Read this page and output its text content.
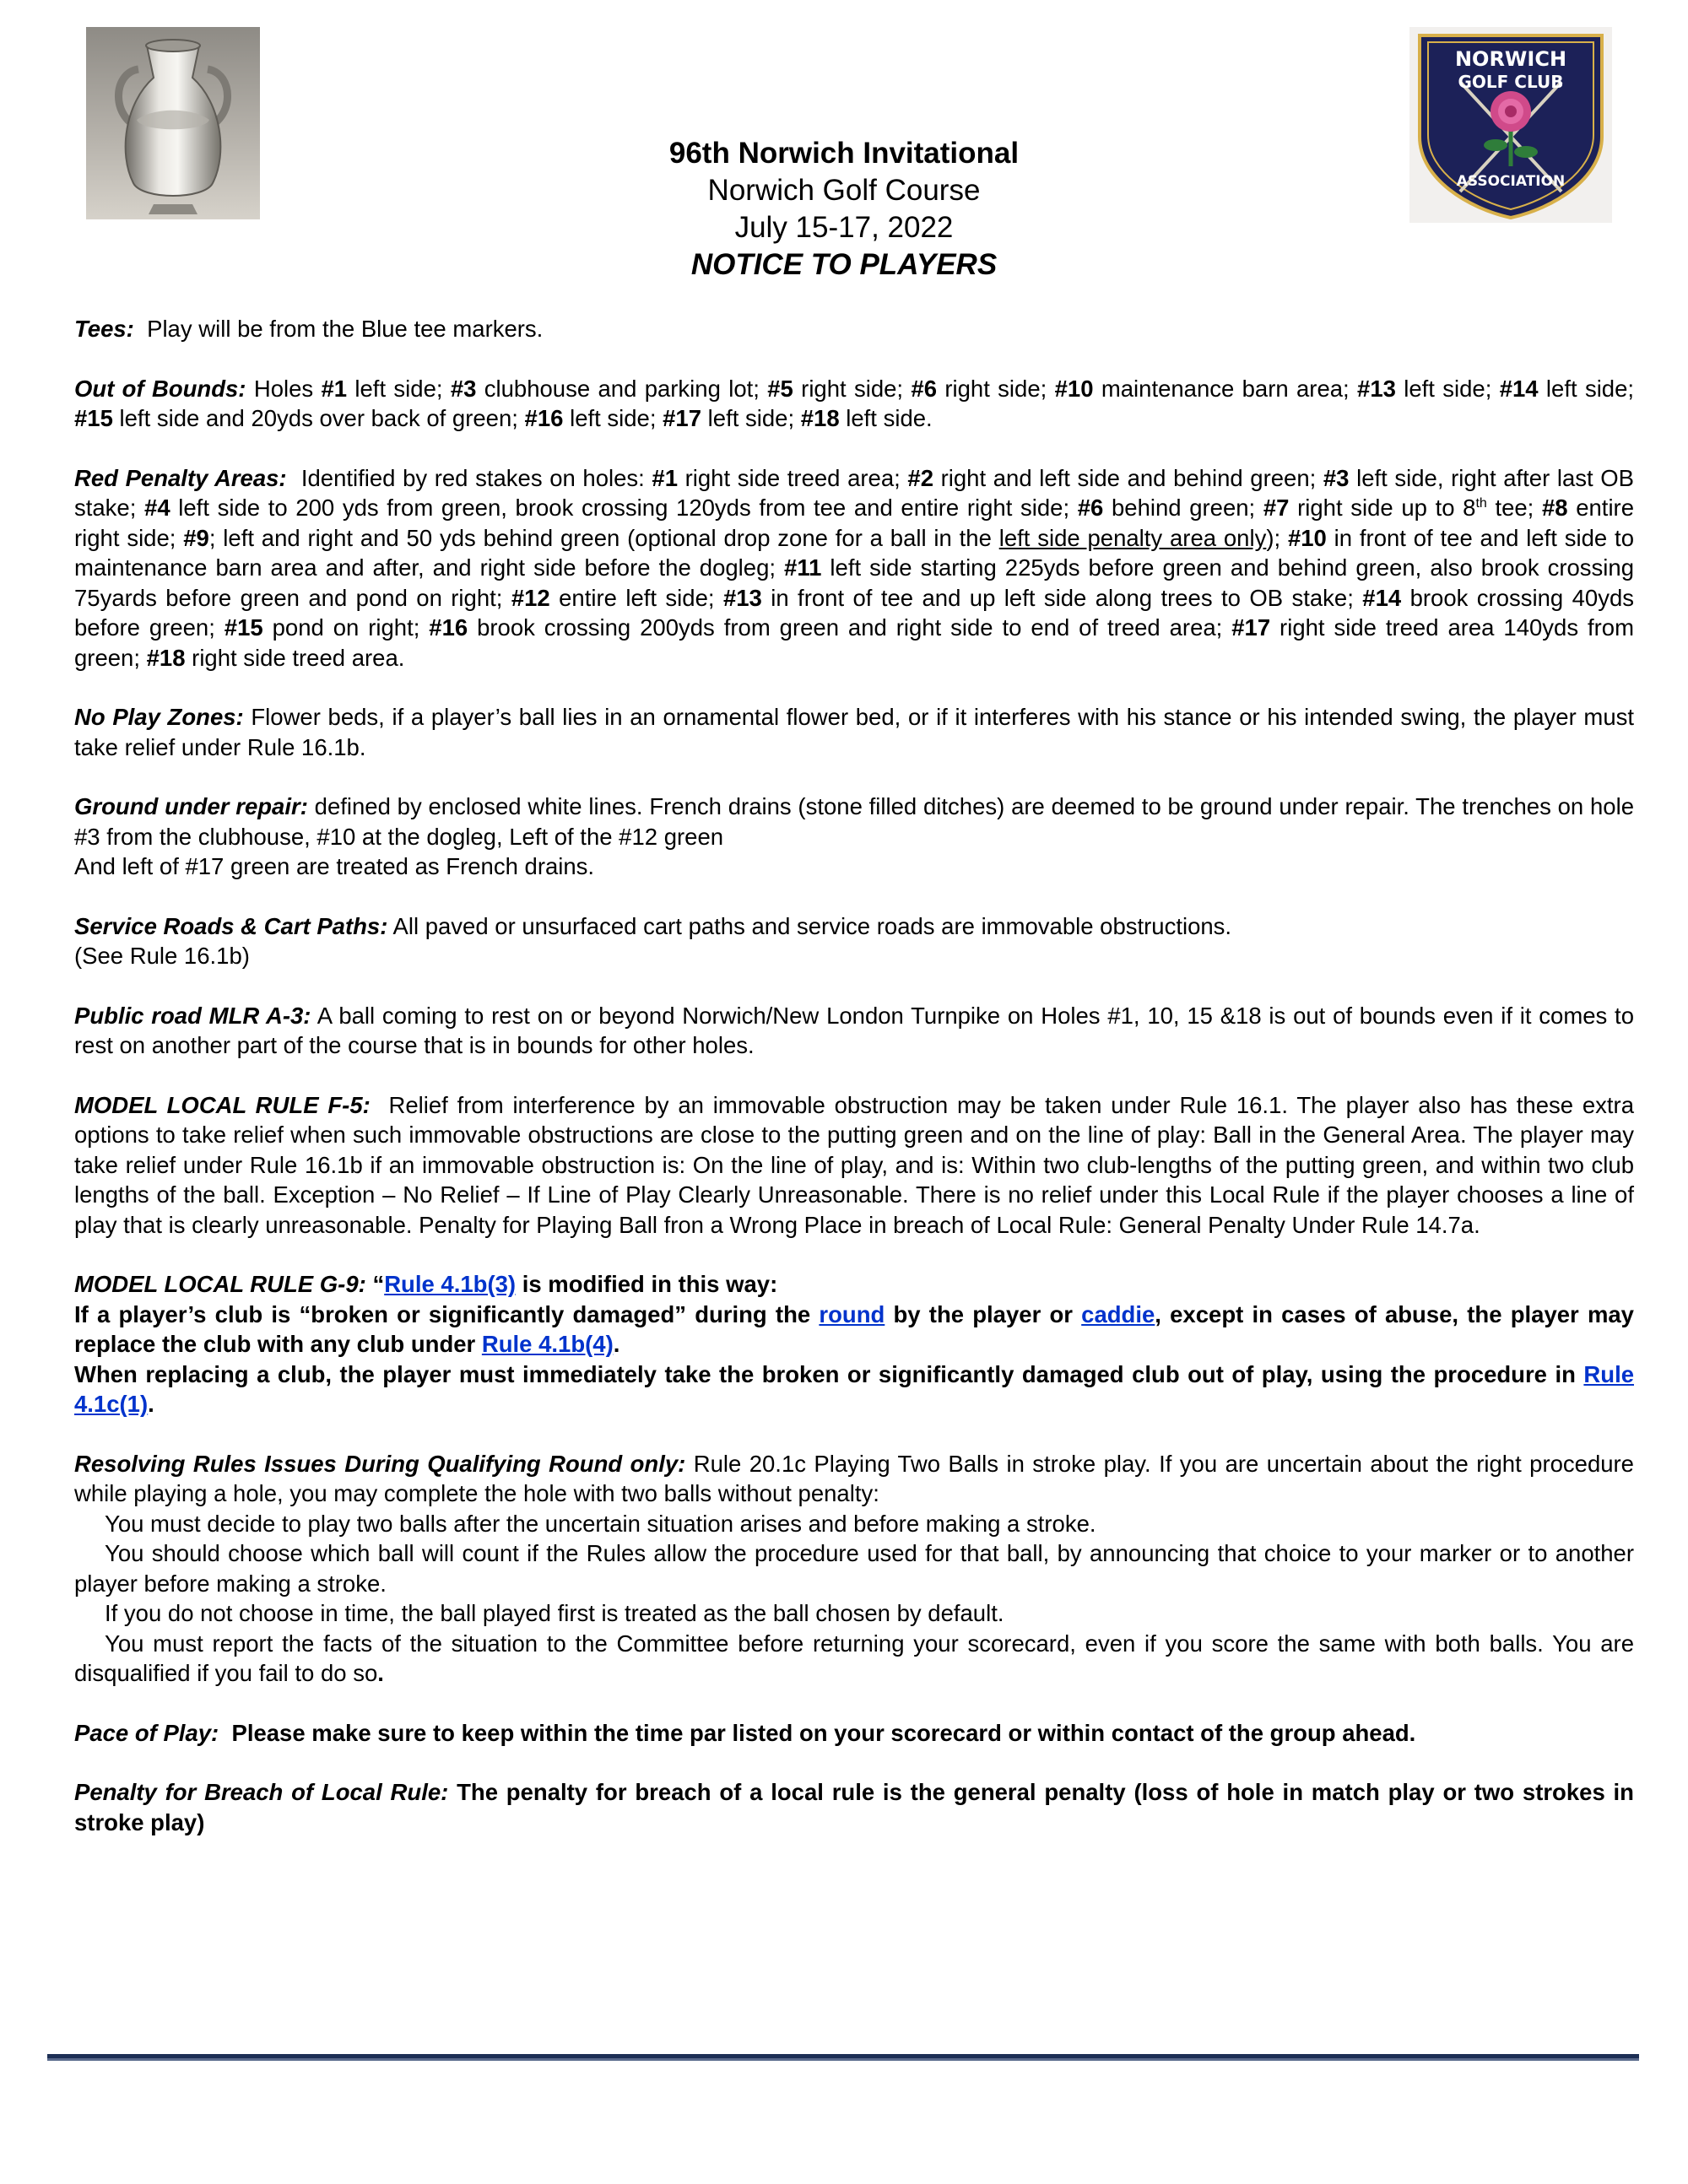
NORWICH
GOLF CLUB
ASSOCIATION
96th Norwich Invitational
Norwich Golf Course
July 15-17, 2022
NOTICE TO PLAYERS
Tees: Play will be from the Blue tee markers.
Out of Bounds: Holes #1 left side; #3 clubhouse and parking lot; #5 right side; #6 right side; #10 maintenance barn area; #13 left side; #14 left side; #15 left side and 20yds over back of green; #16 left side; #17 left side; #18 left side.
Red Penalty Areas: Identified by red stakes on holes: #1 right side treed area; #2 right and left side and behind green; #3 left side, right after last OB stake; #4 left side to 200 yds from green, brook crossing 120yds from tee and entire right side; #6 behind green; #7 right side up to 8th tee; #8 entire right side; #9; left and right and 50 yds behind green (optional drop zone for a ball in the left side penalty area only); #10 in front of tee and left side to maintenance barn area and after, and right side before the dogleg; #11 left side starting 225yds before green and behind green, also brook crossing 75yards before green and pond on right; #12 entire left side; #13 in front of tee and up left side along trees to OB stake; #14 brook crossing 40yds before green; #15 pond on right; #16 brook crossing 200yds from green and right side to end of treed area; #17 right side treed area 140yds from green; #18 right side treed area.
No Play Zones: Flower beds, if a player’s ball lies in an ornamental flower bed, or if it interferes with his stance or his intended swing, the player must take relief under Rule 16.1b.
Ground under repair: defined by enclosed white lines. French drains (stone filled ditches) are deemed to be ground under repair. The trenches on hole #3 from the clubhouse, #10 at the dogleg, Left of the #12 green
And left of #17 green are treated as French drains.
Service Roads & Cart Paths: All paved or unsurfaced cart paths and service roads are immovable obstructions.
(See Rule 16.1b)
Public road MLR A-3: A ball coming to rest on or beyond Norwich/New London Turnpike on Holes #1, 10, 15 &18 is out of bounds even if it comes to rest on another part of the course that is in bounds for other holes.
MODEL LOCAL RULE F-5: Relief from interference by an immovable obstruction may be taken under Rule 16.1. The player also has these extra options to take relief when such immovable obstructions are close to the putting green and on the line of play: Ball in the General Area. The player may take relief under Rule 16.1b if an immovable obstruction is: On the line of play, and is: Within two club-lengths of the putting green, and within two club lengths of the ball. Exception – No Relief – If Line of Play Clearly Unreasonable. There is no relief under this Local Rule if the player chooses a line of play that is clearly unreasonable. Penalty for Playing Ball fron a Wrong Place in breach of Local Rule: General Penalty Under Rule 14.7a.
MODEL LOCAL RULE G-9: “Rule 4.1b(3) is modified in this way:
If a player’s club is “broken or significantly damaged” during the round by the player or caddie, except in cases of abuse, the player may replace the club with any club under Rule 4.1b(4).
When replacing a club, the player must immediately take the broken or significantly damaged club out of play, using the procedure in Rule 4.1c(1).
Resolving Rules Issues During Qualifying Round only: Rule 20.1c Playing Two Balls in stroke play. If you are uncertain about the right procedure while playing a hole, you may complete the hole with two balls without penalty:
You must decide to play two balls after the uncertain situation arises and before making a stroke.
You should choose which ball will count if the Rules allow the procedure used for that ball, by announcing that choice to your marker or to another player before making a stroke.
If you do not choose in time, the ball played first is treated as the ball chosen by default.
You must report the facts of the situation to the Committee before returning your scorecard, even if you score the same with both balls. You are disqualified if you fail to do so.
Pace of Play: Please make sure to keep within the time par listed on your scorecard or within contact of the group ahead.
Penalty for Breach of Local Rule: The penalty for breach of a local rule is the general penalty (loss of hole in match play or two strokes in stroke play)
